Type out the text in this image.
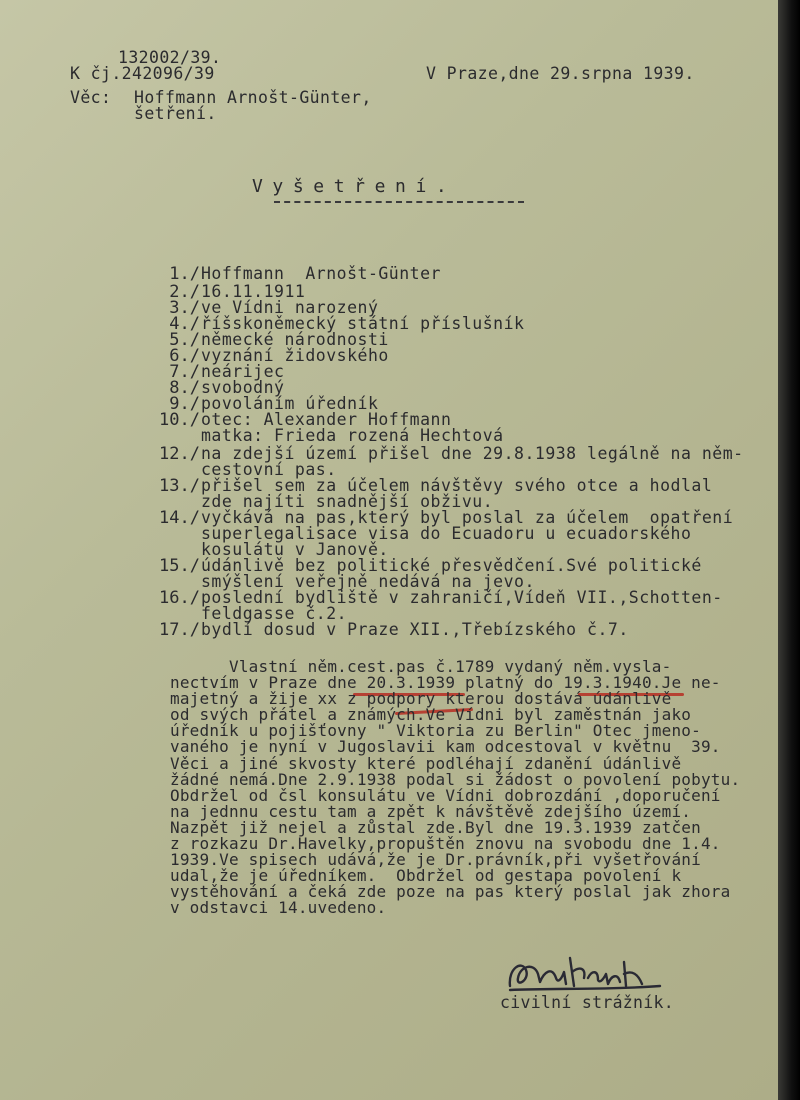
132002/39.
K čj.242096/39	V Praze,dne 29.srpna 1939.
Věc: Hoffmann Arnošt-Günter,
šetření.
Vyšetření.
1./ Hoffmann  Arnošt-Günter
2./ 16.11.1911
3./ ve Vídni narozený
4./ říšskoněmecký státní příslušník
5./ německé národnosti
6./ vyznání židovského
7./ neárijec
8./ svobodný
9./ povoláním úředník
10./ otec: Alexander Hoffmann
matka: Frieda rozená Hechtová
12./ na zdejší území přišel dne 29.8.1938 legálně na něm-
cestovní pas.
13./ přišel sem za účelem návštěvy svého otce a hodlal
zde najíti snadnější obživu.
14./ vyčkává na pas,který byl poslal za účelem  opatření
superlegalisace visa do Ecuadoru u ecuadorského
kosulátu v Janově.
15./ údánlivě bez politické přesvědčení.Své politické
smýšlení veřejně nedává na jevo.
16./ poslední bydliště v zahraničí,Vídeň VII.,Schotten-
feldgasse č.2.
17./ bydlí dosud v Praze XII.,Třebízského č.7.
Vlastní něm.cest.pas č.1789 vydaný něm.vysla-
nectvím v Praze dne 20.3.1939 platný do 19.3.1940.Je ne-
majetný a žije xx z podpory kterou dostává údánlivě
od svých přátel a známých.Ve Vídni byl zaměstnán jako
úředník u pojišťovny " Viktoria zu Berlin" Otec jmeno-
vaného je nyní v Jugoslavii kam odcestoval v květnu  39.
Věci a jiné skvosty které podléhají zdanění údánlivě
žádné nemá.Dne 2.9.1938 podal si žádost o povolení pobytu.
Obdržel od čsl konsulátu ve Vídni dobrozdání ,doporučení
na jednnu cestu tam a zpět k návštěvě zdejšího území.
Nazpět již nejel a zůstal zde.Byl dne 19.3.1939 zatčen
z rozkazu Dr.Havelky,propuštěn znovu na svobodu dne 1.4.
1939.Ve spisech udává,že je Dr.právník,při vyšetřování
udal,že je úředníkem.  Obdržel od gestapa povolení k
vystěhování a čeká zde poze na pas který poslal jak zhora
v odstavci 14.uvedeno.
civilní strážník.
